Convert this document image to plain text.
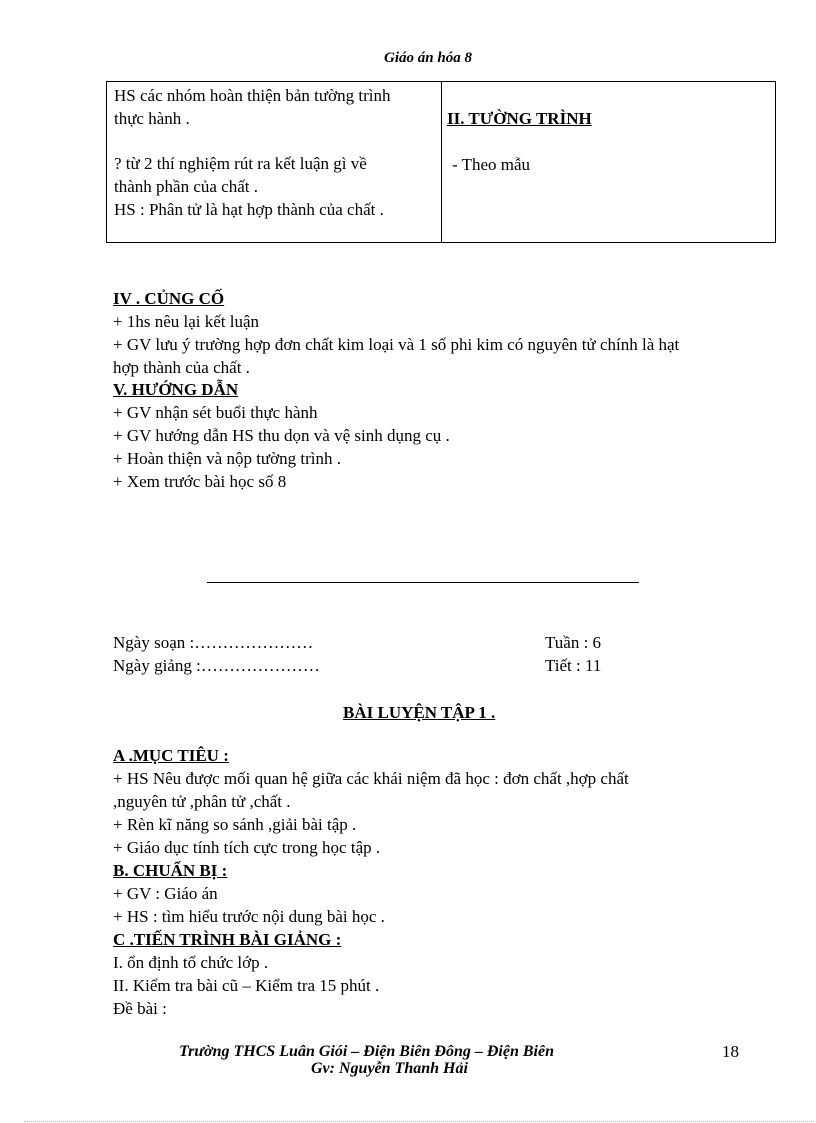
Giáo án hóa 8
HS các nhóm hoàn thiện bản tường trình
thực hành .
? từ 2 thí nghiệm rút ra kết luận gì về
thành phần của chất .
HS : Phân tử là hạt hợp thành của chất .
II. TƯỜNG TRÌNH
- Theo mẫu
IV . CỦNG CỐ
+ 1hs nêu lại kết luận
+ GV lưu ý trường hợp đơn chất kim loại và 1 số phi kim có nguyên tử chính là hạt
hợp thành của chất .
V. HƯỚNG DẪN
+ GV nhận sét buổi thực hành
+ GV hướng dẫn HS thu dọn và vệ sinh dụng cụ .
+ Hoàn thiện và nộp tường trình .
+ Xem trước bài học số 8
Ngày soạn :…………………
Ngày giảng :…………………
Tuần : 6
Tiết : 11
BÀI LUYỆN TẬP 1 .
A .MỤC TIÊU :
+ HS Nêu được mối quan hệ giữa các khái niệm đã học : đơn chất ,hợp chất
,nguyên tử ,phân tử ,chất .
+ Rèn kĩ năng so sánh ,giải bài tập .
+ Giáo dục tính tích cực trong học tập .
B. CHUẨN BỊ :
+ GV : Giáo án
+ HS : tìm hiểu trước nội dung bài học .
C .TIẾN TRÌNH BÀI GIẢNG :
I. ổn định tổ chức lớp .
II. Kiểm tra bài cũ – Kiểm tra 15 phút .
Đề bài :
Trường THCS Luân Giói – Điện Biên Đông – Điện Biên
Gv: Nguyễn Thanh Hải
18
